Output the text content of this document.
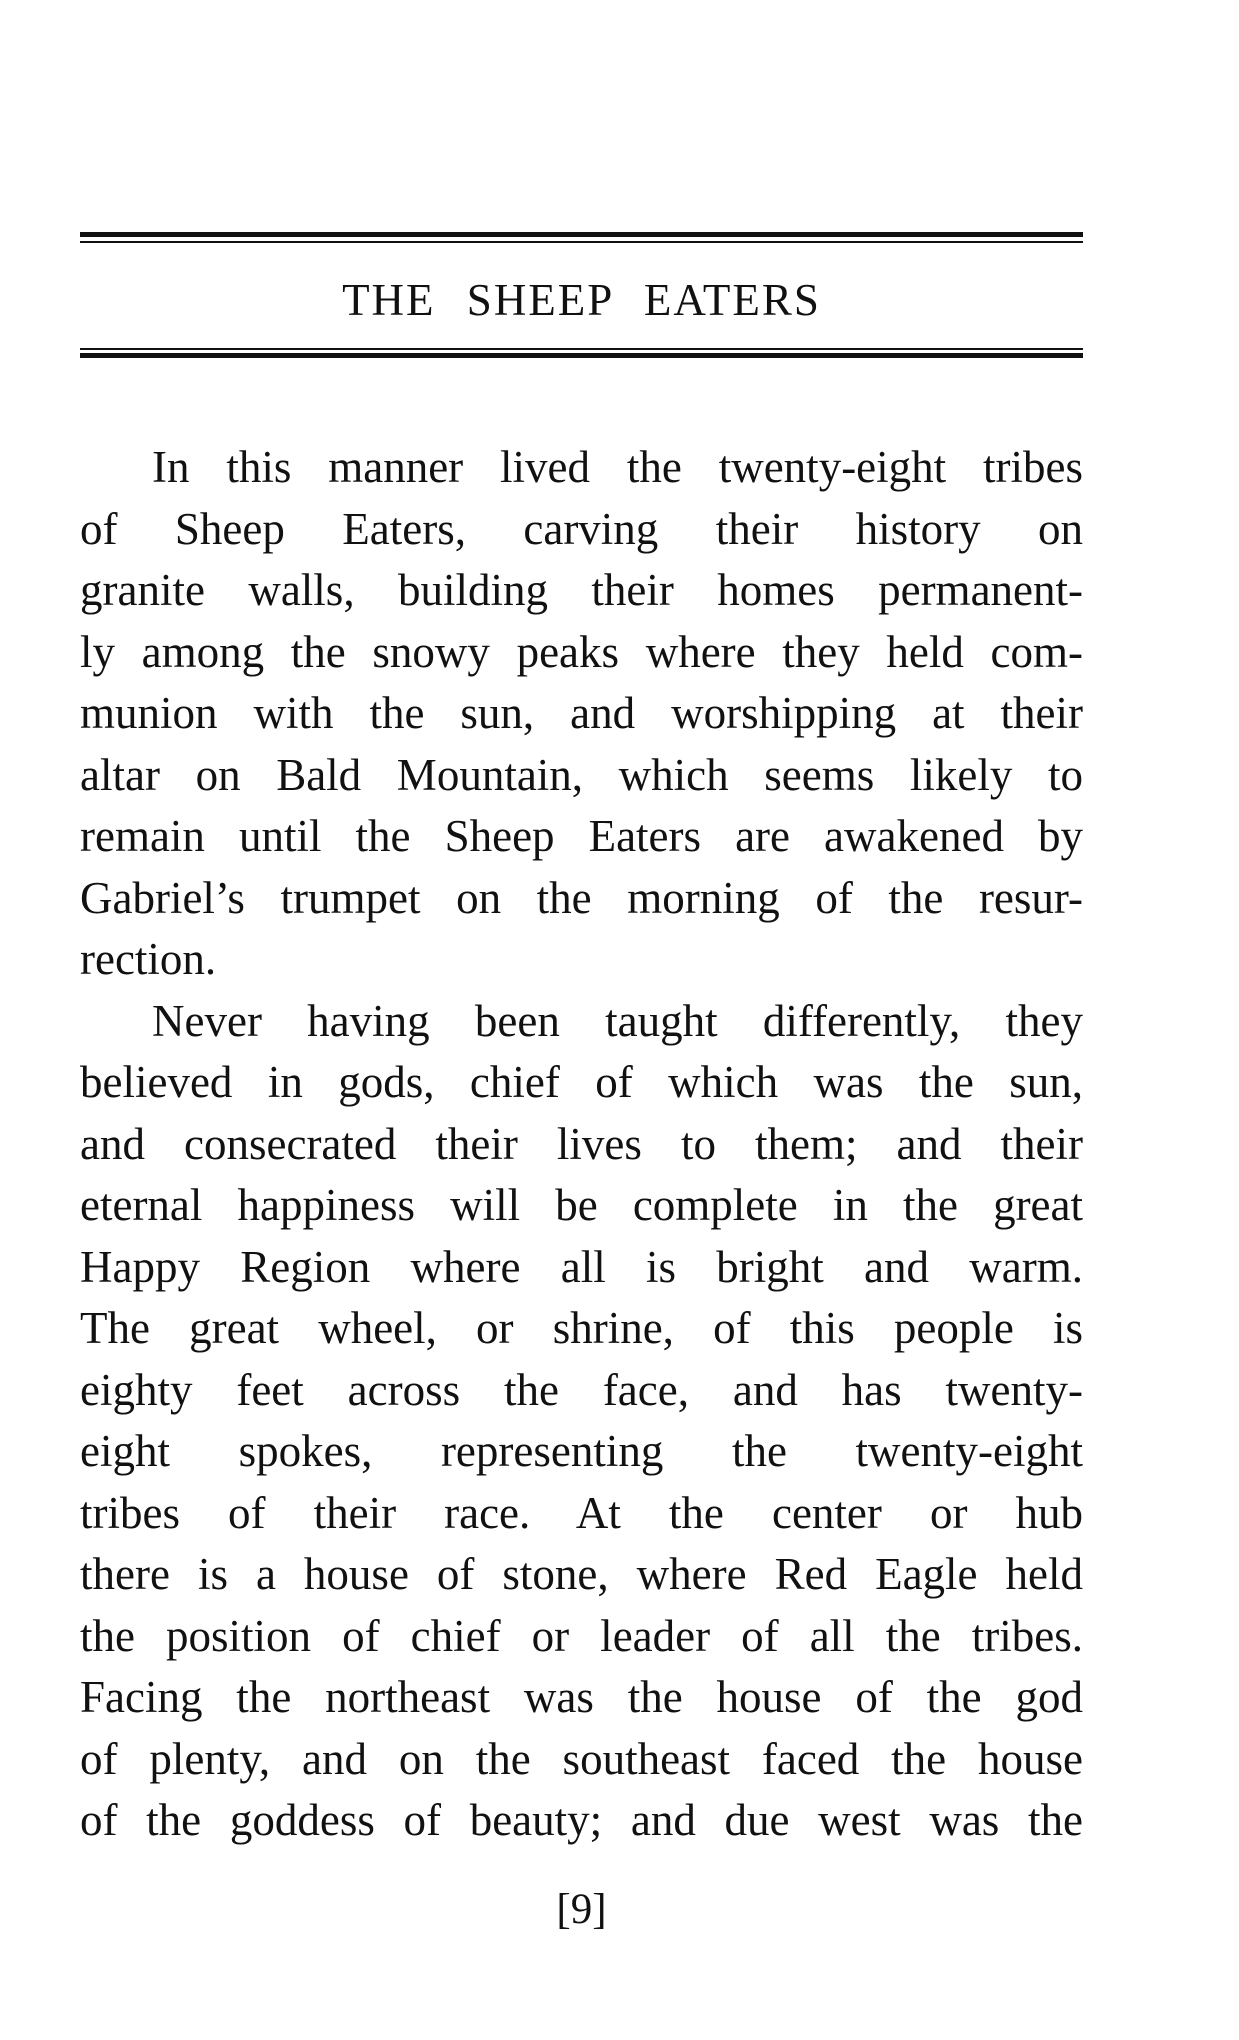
THE SHEEP EATERS
In this manner lived the twenty-eight tribes
of Sheep Eaters, carving their history on
granite walls, building their homes permanent-
ly among the snowy peaks where they held com-
munion with the sun, and worshipping at their
altar on Bald Mountain, which seems likely to
remain until the Sheep Eaters are awakened by
Gabriel’s trumpet on the morning of the resur-
rection.
Never having been taught differently, they
believed in gods, chief of which was the sun,
and consecrated their lives to them; and their
eternal happiness will be complete in the great
Happy Region where all is bright and warm.
The great wheel, or shrine, of this people is
eighty feet across the face, and has twenty-
eight spokes, representing the twenty-eight
tribes of their race. At the center or hub
there is a house of stone, where Red Eagle held
the position of chief or leader of all the tribes.
Facing the northeast was the house of the god
of plenty, and on the southeast faced the house
of the goddess of beauty; and due west was the
[9]
